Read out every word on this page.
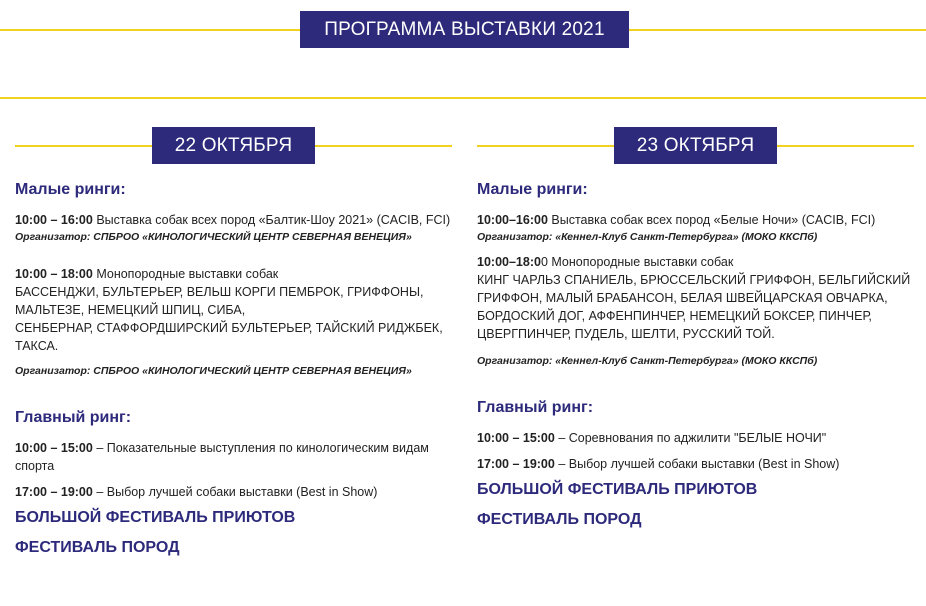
ПРОГРАММА ВЫСТАВКИ 2021
22 ОКТЯБРЯ
Малые ринги:
10:00 – 16:00 Выставка собак всех пород «Балтик-Шоу 2021» (CACIB, FCI)
Организатор: СПБРОО «КИНОЛОГИЧЕСКИЙ ЦЕНТР СЕВЕРНАЯ ВЕНЕЦИЯ»
10:00 – 18:00 Монопородные выставки собак
БАССЕНДЖИ, БУЛЬТЕРЬЕР, ВЕЛЬШ КОРГИ ПЕМБРОК, ГРИФФОНЫ, МАЛЬТЕЗЕ, НЕМЕЦКИЙ ШПИЦ, СИБА,
СЕНБЕРНАР, СТАФФОРДШИРСКИЙ БУЛЬТЕРЬЕР, ТАЙСКИЙ РИДЖБЕК, ТАКСА.
Организатор: СПБРОО «КИНОЛОГИЧЕСКИЙ ЦЕНТР СЕВЕРНАЯ ВЕНЕЦИЯ»
Главный ринг:
10:00 – 15:00 – Показательные выступления по кинологическим видам спорта
17:00 – 19:00 – Выбор лучшей собаки выставки (Best in Show)
БОЛЬШОЙ ФЕСТИВАЛЬ ПРИЮТОВ
ФЕСТИВАЛЬ ПОРОД
23 ОКТЯБРЯ
Малые ринги:
10:00–16:00 Выставка собак всех пород «Белые Ночи» (CACIB, FCI)
Организатор: «Кеннел-Клуб Санкт-Петербурга» (МОКО ККСПб)
10:00–18:00 Монопородные выставки собак
КИНГ ЧАРЛЬЗ СПАНИЕЛЬ, БРЮССЕЛЬСКИЙ ГРИФФОН, БЕЛЬГИЙСКИЙ ГРИФФОН, МАЛЫЙ БРАБАНСОН, БЕЛАЯ ШВЕЙЦАРСКАЯ ОВЧАРКА, БОРДОСКИЙ ДОГ, АФФЕНПИНЧЕР, НЕМЕЦКИЙ БОКСЕР, ПИНЧЕР, ЦВЕРГПИНЧЕР, ПУДЕЛЬ, ШЕЛТИ, РУССКИЙ ТОЙ.
Организатор: «Кеннел-Клуб Санкт-Петербурга» (МОКО ККСПб)
Главный ринг:
10:00 – 15:00 – Соревнования по аджилити "БЕЛЫЕ НОЧИ"
17:00 – 19:00 – Выбор лучшей собаки выставки (Best in Show)
БОЛЬШОЙ ФЕСТИВАЛЬ ПРИЮТОВ
ФЕСТИВАЛЬ ПОРОД
